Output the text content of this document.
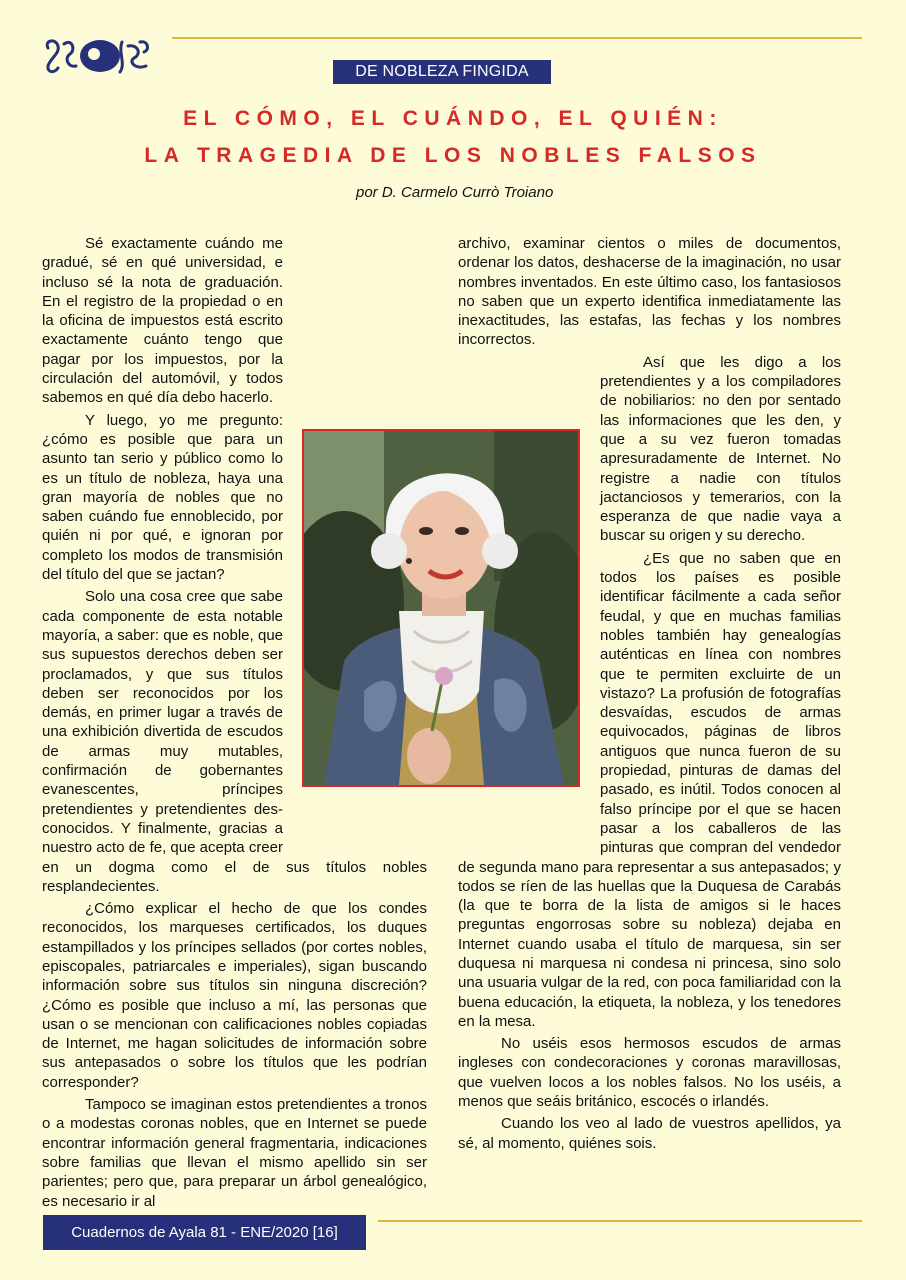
DE NOBLEZA FINGIDA
EL CÓMO, EL CUÁNDO, EL QUIÉN:
LA TRAGEDIA DE LOS NOBLES FALSOS
por D. Carmelo Currò Troiano

Sé exactamente cuándo me gradué, sé en qué universidad, e incluso sé la nota de graduación. En el registro de la propiedad o en la oficina de impuestos está escrito exactamente cuánto tengo que pagar por los impuestos, por la circulación del automóvil, y todos sabemos en qué día debo hacerlo.

Y luego, yo me pregunto: ¿cómo es posible que para un asunto tan serio y público como lo es un título de nobleza, haya una gran mayoría de nobles que no saben cuándo fue ennoblecido, por quién ni por qué, e ignoran por completo los modos de transmisión del título del que se jactan?

Solo una cosa cree que sabe cada componente de esta notable mayoría, a saber: que es noble, que sus supuestos derechos deben ser proclamados, y que sus títulos deben ser reconocidos por los demás, en primer lugar a través de una exhibición divertida de escudos de armas muy mutables, confirmación de gobernantes evanescentes, príncipes pretendientes y pretendientes des-conocidos. Y finalmente, gracias a nuestro acto de fe, que acepta creer en un dogma como el de sus títulos nobles resplandecientes.

¿Cómo explicar el hecho de que los condes reconocidos, los marqueses certificados, los duques estampillados y los príncipes sellados (por cortes nobles, episcopales, patriarcales e imperiales), sigan buscando información sobre sus títulos sin ninguna discreción? ¿Cómo es posible que incluso a mí, las personas que usan o se mencionan con calificaciones nobles copiadas de Internet, me hagan solicitudes de información sobre sus antepasados o sobre los títulos que les podrían corresponder?

Tampoco se imaginan estos pretendientes a tronos o a modestas coronas nobles, que en Internet se puede encontrar información general fragmentaria, indicaciones sobre familias que llevan el mismo apellido sin ser parientes; pero que, para preparar un árbol genealógico, es necesario ir al

archivo, examinar cientos o miles de documentos, ordenar los datos, deshacerse de la imaginación, no usar nombres inventados. En este último caso, los fantasiosos no saben que un experto identifica inmediatamente las inexactitudes, las estafas, las fechas y los nombres incorrectos.

Así que les digo a los pretendientes y a los compiladores de nobiliarios: no den por sentado las informaciones que les den, y que a su vez fueron tomadas apresuradamente de Internet. No registre a nadie con títulos jactanciosos y temerarios, con la esperanza de que nadie vaya a buscar su origen y su derecho.

¿Es que no saben que en todos los países es posible identificar fácilmente a cada señor feudal, y que en muchas familias nobles también hay genealogías auténticas en línea con nombres que te permiten excluirte de un vistazo? La profusión de fotografías desvaídas, escudos de armas equivocados, páginas de libros antiguos que nunca fueron de su propiedad, pinturas de damas del pasado, es inútil. Todos conocen al falso príncipe por el que se hacen pasar a los caballeros de las pinturas que compran del vendedor de segunda mano para representar a sus antepasados; y todos se ríen de las huellas que la Duquesa de Carabás (la que te borra de la lista de amigos si le haces preguntas engorrosas sobre su nobleza) dejaba en Internet cuando usaba el título de marquesa, sin ser duquesa ni marquesa ni condesa ni princesa, sino solo una usuaria vulgar de la red, con poca familiaridad con la buena educación, la etiqueta, la nobleza, y los tenedores en la mesa.

No uséis esos hermosos escudos de armas ingleses con condecoraciones y coronas maravillosas, que vuelven locos a los nobles falsos. No los uséis, a menos que seáis británico, escocés o irlandés.

Cuando los veo al lado de vuestros apellidos, ya sé, al momento, quiénes sois.

Cuadernos de Ayala 81 - ENE/2020 [16]
